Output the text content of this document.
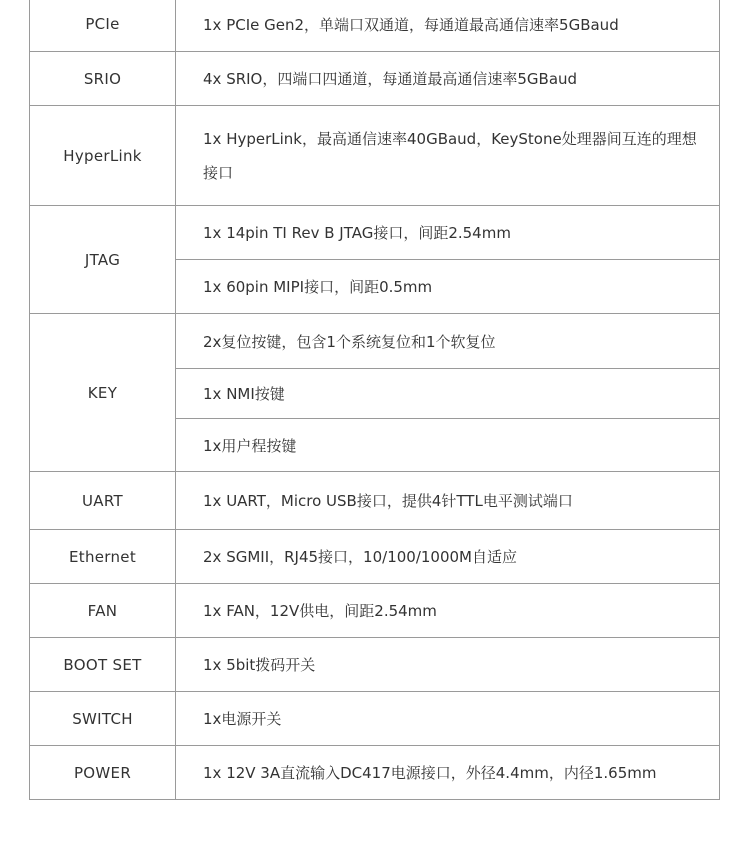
PCIe	1x PCIe Gen2，单端口双通道，每通道最高通信速率5GBaud
SRIO	4x SRIO，四端口四通道，每通道最高通信速率5GBaud
HyperLink	1x HyperLink，最高通信速率40GBaud，KeyStone处理器间互连的理想接口
JTAG	1x 14pin TI Rev B JTAG接口，间距2.54mm
	1x 60pin MIPI接口，间距0.5mm
KEY	2x复位按键，包含1个系统复位和1个软复位
	1x NMI按键
	1x用户程按键
UART	1x UART，Micro USB接口，提供4针TTL电平测试端口
Ethernet	2x SGMII，RJ45接口，10/100/1000M自适应
FAN	1x FAN，12V供电，间距2.54mm
BOOT SET	1x 5bit拨码开关
SWITCH	1x电源开关
POWER	1x 12V 3A直流输入DC417电源接口，外径4.4mm，内径1.65mm
